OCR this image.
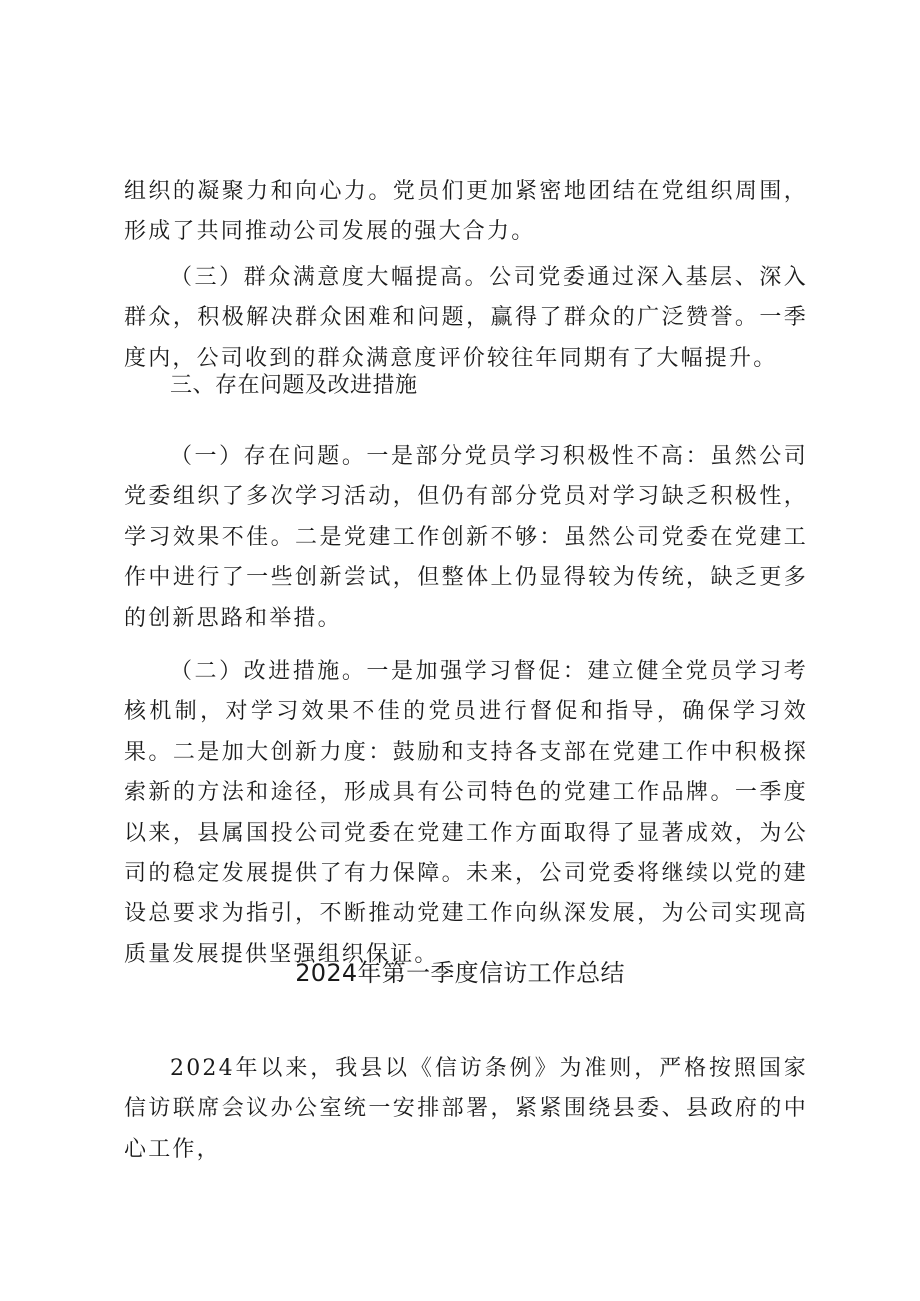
组织的凝聚力和向心力。党员们更加紧密地团结在党组织周围，形成了共同推动公司发展的强大合力。

（三）群众满意度大幅提高。公司党委通过深入基层、深入群众，积极解决群众困难和问题，赢得了群众的广泛赞誉。一季度内，公司收到的群众满意度评价较往年同期有了大幅提升。

三、存在问题及改进措施

（一）存在问题。一是部分党员学习积极性不高：虽然公司党委组织了多次学习活动，但仍有部分党员对学习缺乏积极性，学习效果不佳。二是党建工作创新不够：虽然公司党委在党建工作中进行了一些创新尝试，但整体上仍显得较为传统，缺乏更多的创新思路和举措。

（二）改进措施。一是加强学习督促：建立健全党员学习考核机制，对学习效果不佳的党员进行督促和指导，确保学习效果。二是加大创新力度：鼓励和支持各支部在党建工作中积极探索新的方法和途径，形成具有公司特色的党建工作品牌。一季度以来，县属国投公司党委在党建工作方面取得了显著成效，为公司的稳定发展提供了有力保障。未来，公司党委将继续以党的建设总要求为指引，不断推动党建工作向纵深发展，为公司实现高质量发展提供坚强组织保证。

2024年第一季度信访工作总结

2024年以来，我县以《信访条例》为准则，严格按照国家信访联席会议办公室统一安排部署，紧紧围绕县委、县政府的中心工作，
